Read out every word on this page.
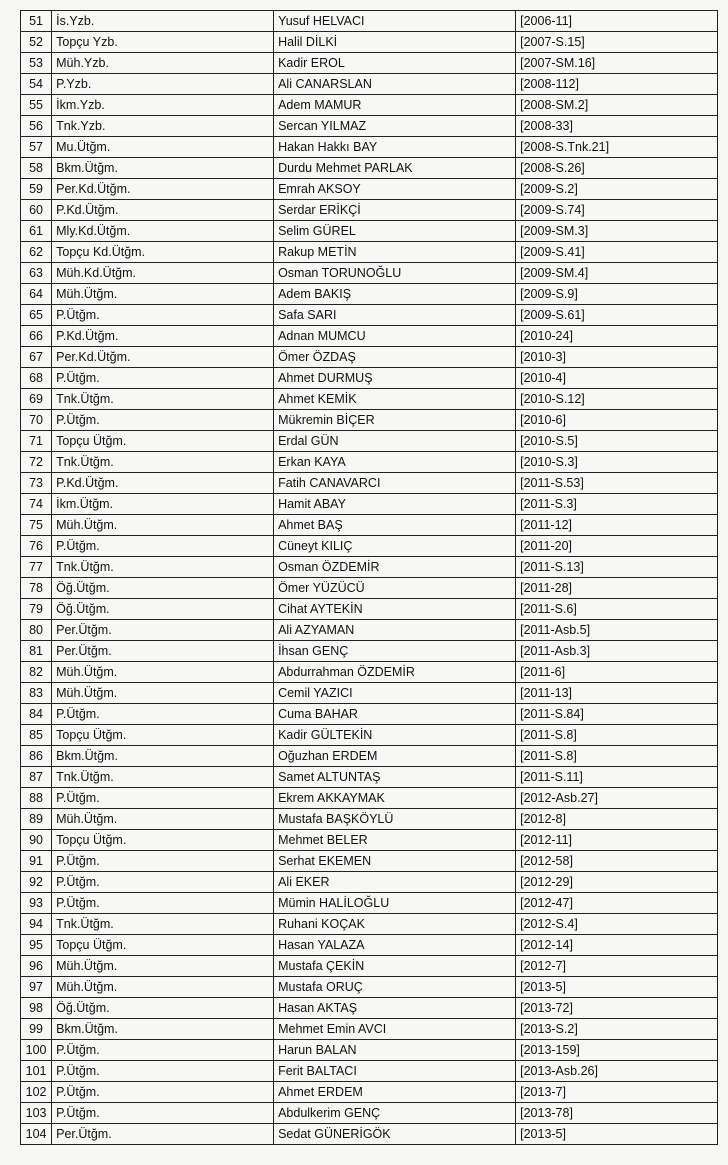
51	İs.Yzb.	Yusuf HELVACI	[2006-11]
52	Topçu Yzb.	Halil DİLKİ	[2007-S.15]
53	Müh.Yzb.	Kadir EROL	[2007-SM.16]
54	P.Yzb.	Ali CANARSLAN	[2008-112]
55	İkm.Yzb.	Adem MAMUR	[2008-SM.2]
56	Tnk.Yzb.	Sercan YILMAZ	[2008-33]
57	Mu.Ütğm.	Hakan Hakkı BAY	[2008-S.Tnk.21]
58	Bkm.Ütğm.	Durdu Mehmet PARLAK	[2008-S.26]
59	Per.Kd.Ütğm.	Emrah AKSOY	[2009-S.2]
60	P.Kd.Ütğm.	Serdar ERİKÇİ	[2009-S.74]
61	Mly.Kd.Ütğm.	Selim GÜREL	[2009-SM.3]
62	Topçu Kd.Ütğm.	Rakup METİN	[2009-S.41]
63	Müh.Kd.Ütğm.	Osman TORUNOĞLU	[2009-SM.4]
64	Müh.Ütğm.	Adem BAKIŞ	[2009-S.9]
65	P.Ütğm.	Safa SARI	[2009-S.61]
66	P.Kd.Ütğm.	Adnan MUMCU	[2010-24]
67	Per.Kd.Ütğm.	Ömer ÖZDAŞ	[2010-3]
68	P.Ütğm.	Ahmet DURMUŞ	[2010-4]
69	Tnk.Ütğm.	Ahmet KEMİK	[2010-S.12]
70	P.Ütğm.	Mükremin BİÇER	[2010-6]
71	Topçu Ütğm.	Erdal GÜN	[2010-S.5]
72	Tnk.Ütğm.	Erkan KAYA	[2010-S.3]
73	P.Kd.Ütğm.	Fatih CANAVARCI	[2011-S.53]
74	İkm.Ütğm.	Hamit ABAY	[2011-S.3]
75	Müh.Ütğm.	Ahmet BAŞ	[2011-12]
76	P.Ütğm.	Cüneyt KILIÇ	[2011-20]
77	Tnk.Ütğm.	Osman ÖZDEMİR	[2011-S.13]
78	Öğ.Ütğm.	Ömer YÜZÜCÜ	[2011-28]
79	Öğ.Ütğm.	Cihat AYTEKİN	[2011-S.6]
80	Per.Ütğm.	Ali AZYAMAN	[2011-Asb.5]
81	Per.Ütğm.	İhsan GENÇ	[2011-Asb.3]
82	Müh.Ütğm.	Abdurrahman ÖZDEMİR	[2011-6]
83	Müh.Ütğm.	Cemil YAZICI	[2011-13]
84	P.Ütğm.	Cuma BAHAR	[2011-S.84]
85	Topçu Ütğm.	Kadir GÜLTEKİN	[2011-S.8]
86	Bkm.Ütğm.	Oğuzhan ERDEM	[2011-S.8]
87	Tnk.Ütğm.	Samet ALTUNTAŞ	[2011-S.11]
88	P.Ütğm.	Ekrem AKKAYMAK	[2012-Asb.27]
89	Müh.Ütğm.	Mustafa BAŞKÖYLÜ	[2012-8]
90	Topçu Ütğm.	Mehmet BELER	[2012-11]
91	P.Ütğm.	Serhat EKEMEN	[2012-58]
92	P.Ütğm.	Ali EKER	[2012-29]
93	P.Ütğm.	Mümin HALİLOĞLU	[2012-47]
94	Tnk.Ütğm.	Ruhani KOÇAK	[2012-S.4]
95	Topçu Ütğm.	Hasan YALAZA	[2012-14]
96	Müh.Ütğm.	Mustafa ÇEKİN	[2012-7]
97	Müh.Ütğm.	Mustafa ORUÇ	[2013-5]
98	Öğ.Ütğm.	Hasan AKTAŞ	[2013-72]
99	Bkm.Ütğm.	Mehmet Emin AVCI	[2013-S.2]
100	P.Ütğm.	Harun BALAN	[2013-159]
101	P.Ütğm.	Ferit BALTACI	[2013-Asb.26]
102	P.Ütğm.	Ahmet ERDEM	[2013-7]
103	P.Ütğm.	Abdulkerim GENÇ	[2013-78]
104	Per.Ütğm.	Sedat GÜNERİGÖK	[2013-5]
